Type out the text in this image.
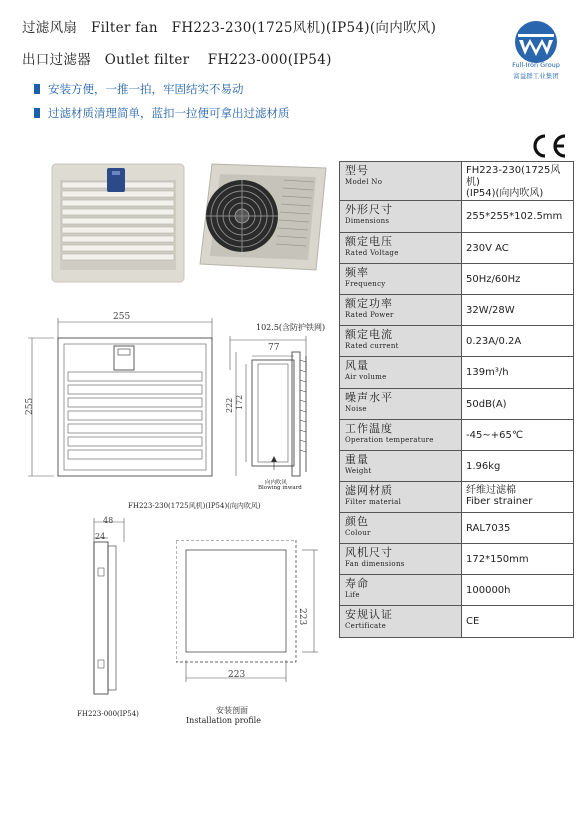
过滤风扇 Filter fan FH223-230(1725风机)(IP54)(向内吹风)
出口过滤器 Outlet filter FH223-000(IP54)
安装方便，一推一拍，牢固结实不易动
过滤材质清理简单，蓝扣一拉便可拿出过滤材质
Full-Iron Group
富益群工业集团
255
255
102.5(含防护铁网)
77
222 172
向内吹风
Blowing inward
FH223-230(1725风机)(IP54)(向内吹风)
48
24
FH223-000(IP54)
223
223
安装剖面
Installation profile
型号
Model No	FH223-230(1725风机)
(IP54)(向内吹风)

外形尺寸
Dimensions	255*255*102.5mm

额定电压
Rated Voltage	230V AC

频率
Frequency	50Hz/60Hz

额定功率
Rated Power	32W/28W

额定电流
Rated current	0.23A/0.2A

风量
Air volume	139m³/h

噪声水平
Noise	50dB(A)

工作温度
Operation temperature	-45~+65℃

重量
Weight	1.96kg

滤网材质
Filter material	纤维过滤棉
Fiber strainer

颜色
Colour	RAL7035

风机尺寸
Fan dimensions	172*150mm

寿命
Life	100000h

安规认证
Certificate	CE
